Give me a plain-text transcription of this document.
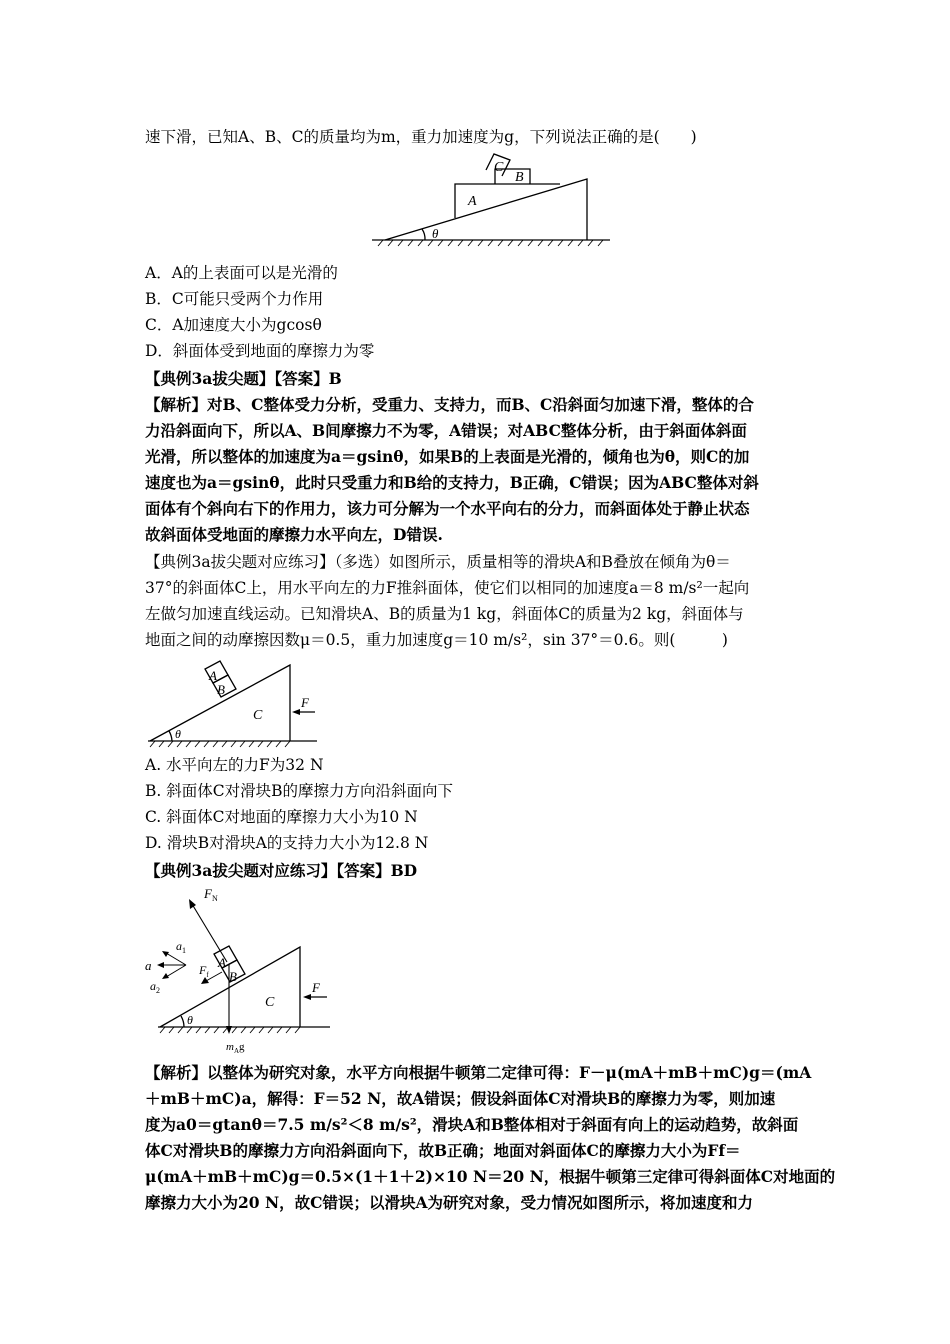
速下滑，已知A、B、C的质量均为m，重力加速度为g，下列说法正确的是(　　)
C
B
A
θ
A．A的上表面可以是光滑的
B．C可能只受两个力作用
C．A加速度大小为gcosθ
D．斜面体受到地面的摩擦力为零
【典例3a拔尖题】【答案】B
【解析】对B、C整体受力分析，受重力、支持力，而B、C沿斜面匀加速下滑，整体的合
力沿斜面向下，所以A、B间摩擦力不为零，A错误；对ABC整体分析，由于斜面体斜面
光滑，所以整体的加速度为a＝gsinθ，如果B的上表面是光滑的，倾角也为θ，则C的加
速度也为a＝gsinθ，此时只受重力和B给的支持力，B正确，C错误；因为ABC整体对斜
面体有个斜向右下的作用力，该力可分解为一个水平向右的分力，而斜面体处于静止状态
故斜面体受地面的摩擦力水平向左，D错误.
【典例3a拔尖题对应练习】（多选）如图所示，质量相等的滑块A和B叠放在倾角为θ＝
37°的斜面体C上，用水平向左的力F推斜面体，使它们以相同的加速度a＝8 m/s²一起向
左做匀加速直线运动。已知滑块A、B的质量为1 kg，斜面体C的质量为2 kg，斜面体与
地面之间的动摩擦因数μ＝0.5，重力加速度g＝10 m/s²，sin 37°＝0.6。则(　　　)
A
B
C
F
θ
A. 水平向左的力F为32 N
B. 斜面体C对滑块B的摩擦力方向沿斜面向下
C. 斜面体C对地面的摩擦力大小为10 N
D. 滑块B对滑块A的支持力大小为12.8 N
【典例3a拔尖题对应练习】【答案】BD
$F_N$
$a_1$
a
$a_2$
$F_f$
A
B
C
F
θ
$m_Ag$
【解析】以整体为研究对象，水平方向根据牛顿第二定律可得：F－μ(mA＋mB＋mC)g＝(mA
＋mB＋mC)a，解得：F＝52 N，故A错误；假设斜面体C对滑块B的摩擦力为零，则加速
度为a0＝gtanθ＝7.5 m/s²＜8 m/s²，滑块A和B整体相对于斜面有向上的运动趋势，故斜面
体C对滑块B的摩擦力方向沿斜面向下，故B正确；地面对斜面体C的摩擦力大小为Ff＝
μ(mA＋mB＋mC)g＝0.5×(1＋1＋2)×10 N＝20 N，根据牛顿第三定律可得斜面体C对地面的
摩擦力大小为20 N，故C错误；以滑块A为研究对象，受力情况如图所示，将加速度和力
